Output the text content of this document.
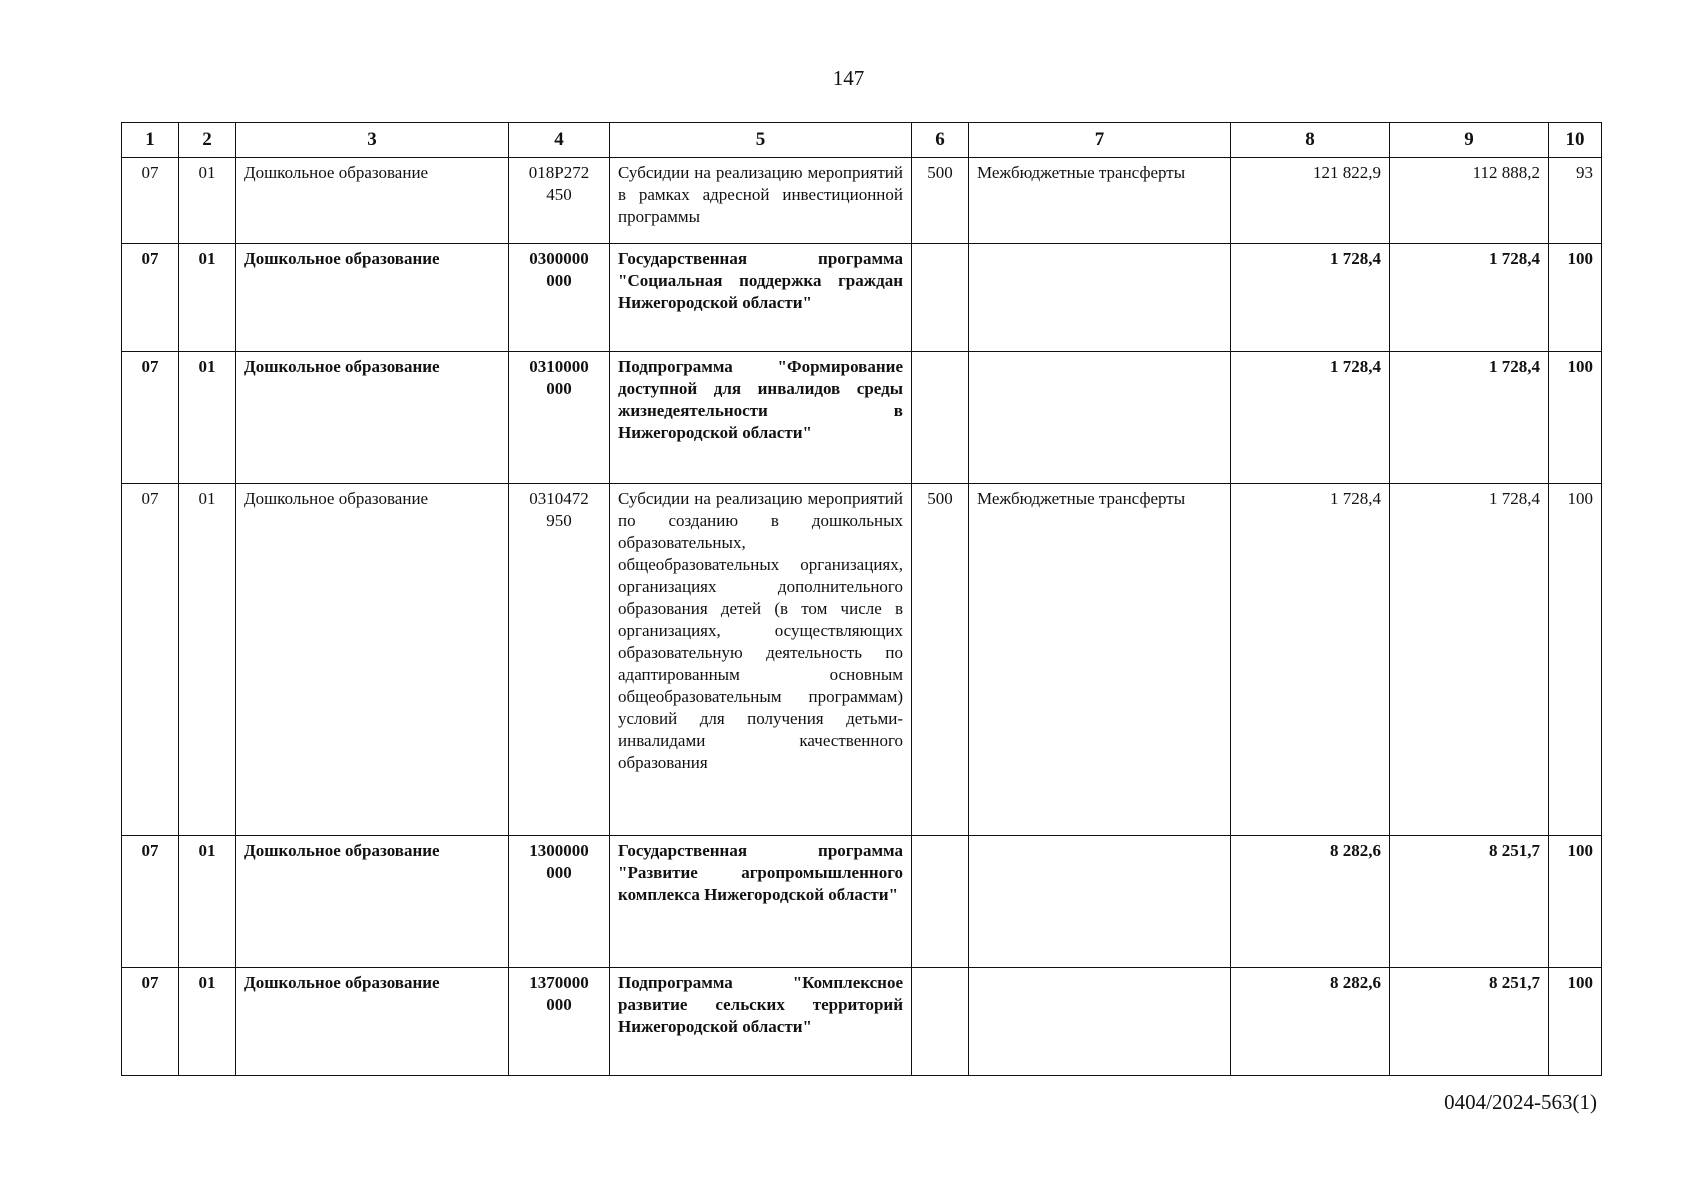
147
1	2	3	4	5	6	7	8	9	10
07	01	Дошкольное образование	018P272 450	Субсидии на реализацию мероприятий в рамках адресной инвестиционной программы	500	Межбюджетные трансферты	121 822,9	112 888,2	93
07	01	Дошкольное образование	0300000 000	Государственная программа "Социальная поддержка граждан Нижегородской области"			1 728,4	1 728,4	100
07	01	Дошкольное образование	0310000 000	Подпрограмма "Формирование доступной для инвалидов среды жизнедеятельности в Нижегородской области"			1 728,4	1 728,4	100
07	01	Дошкольное образование	0310472 950	Субсидии на реализацию мероприятий по созданию в дошкольных образовательных, общеобразовательных организациях, организациях дополнительного образования детей (в том числе в организациях, осуществляющих образовательную деятельность по адаптированным основным общеобразовательным программам) условий для получения детьми-инвалидами качественного образования	500	Межбюджетные трансферты	1 728,4	1 728,4	100
07	01	Дошкольное образование	1300000 000	Государственная программа "Развитие агропромышленного комплекса Нижегородской области"			8 282,6	8 251,7	100
07	01	Дошкольное образование	1370000 000	Подпрограмма "Комплексное развитие сельских территорий Нижегородской области"			8 282,6	8 251,7	100
0404/2024-563(1)
